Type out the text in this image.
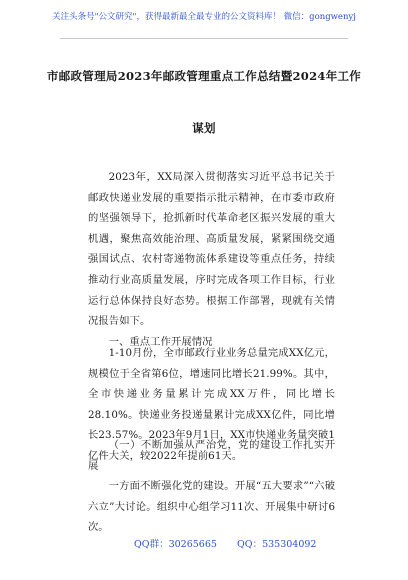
关注头条号"公文研究"，获得最新最全最专业的公文资料库！ 微信：gongwenyj
市邮政管理局2023年邮政管理重点工作总结暨2024年工作
谋划

2023年，XX局深入贯彻落实习近平总书记关于邮政快递业发展的重要指示批示精神，在市委市政府的坚强领导下，抢抓新时代革命老区振兴发展的重大机遇，聚焦高效能治理、高质量发展，紧紧围绕交通强国试点、农村寄递物流体系建设等重点任务，持续推动行业高质量发展，序时完成各项工作目标，行业运行总体保持良好态势。根据工作部署，现就有关情况报告如下。

一、重点工作开展情况

1-10月份，全市邮政行业业务总量完成XX亿元，规模位于全省第6位，增速同比增长21.99%。其中，全市快递业务量累计完成XX万件，同比增长28.10%。快递业务投递量累计完成XX亿件，同比增长23.57%。2023年9月1日，XX市快递业务量突破1亿件大关，较2022年提前61天。

（一）不断加强从严治党，党的建设工作扎实开展

一方面不断强化党的建设。开展“五大要求”“六破六立”大讨论。组织中心组学习11次、开展集中研讨6次。

QQ群：30265665 QQ：535304092
